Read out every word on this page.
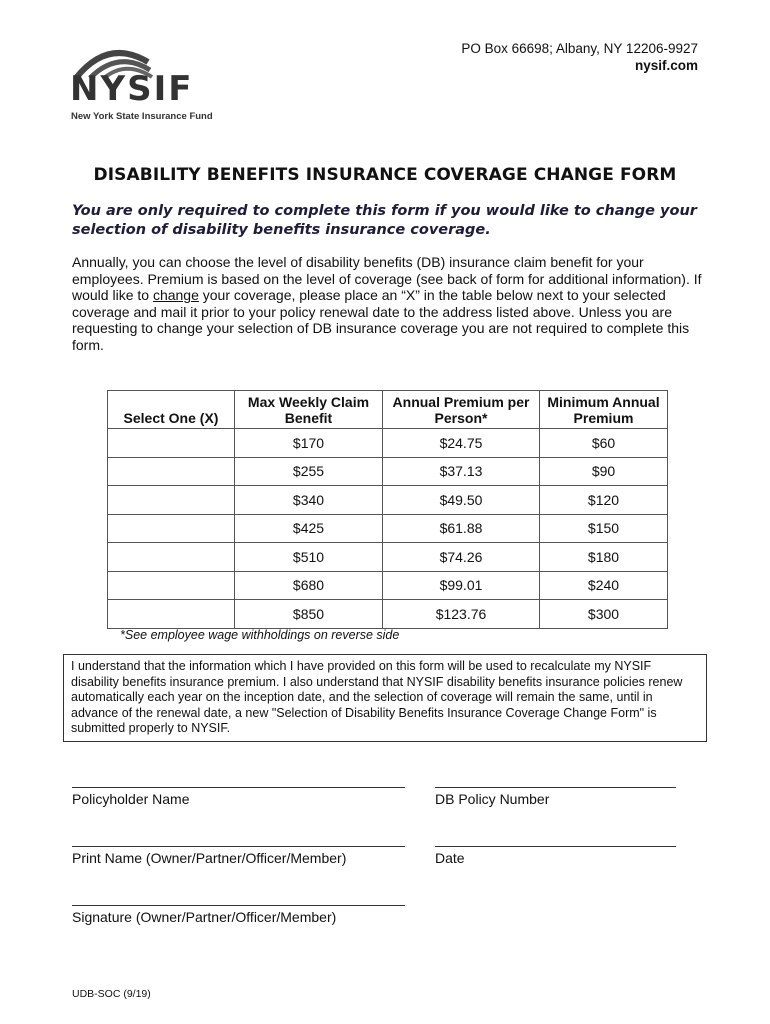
NYSIF
New York State Insurance Fund
PO Box 66698; Albany, NY 12206-9927
nysif.com
DISABILITY BENEFITS INSURANCE COVERAGE CHANGE FORM
You are only required to complete this form if you would like to change your selection of disability benefits insurance coverage.
Annually, you can choose the level of disability benefits (DB) insurance claim benefit for your employees. Premium is based on the level of coverage (see back of form for additional information). If would like to change your coverage, please place an “X” in the table below next to your selected coverage and mail it prior to your policy renewal date to the address listed above. Unless you are requesting to change your selection of DB insurance coverage you are not required to complete this form.
Select One (X)	Max Weekly Claim Benefit	Annual Premium per Person*	Minimum Annual Premium
	$170	$24.75	$60
	$255	$37.13	$90
	$340	$49.50	$120
	$425	$61.88	$150
	$510	$74.26	$180
	$680	$99.01	$240
	$850	$123.76	$300
*See employee wage withholdings on reverse side
I understand that the information which I have provided on this form will be used to recalculate my NYSIF disability benefits insurance premium. I also understand that NYSIF disability benefits insurance policies renew automatically each year on the inception date, and the selection of coverage will remain the same, until in advance of the renewal date, a new "Selection of Disability Benefits Insurance Coverage Change Form" is submitted properly to NYSIF.
Policyholder Name	DB Policy Number
Print Name (Owner/Partner/Officer/Member)	Date
Signature (Owner/Partner/Officer/Member)
UDB-SOC (9/19)
